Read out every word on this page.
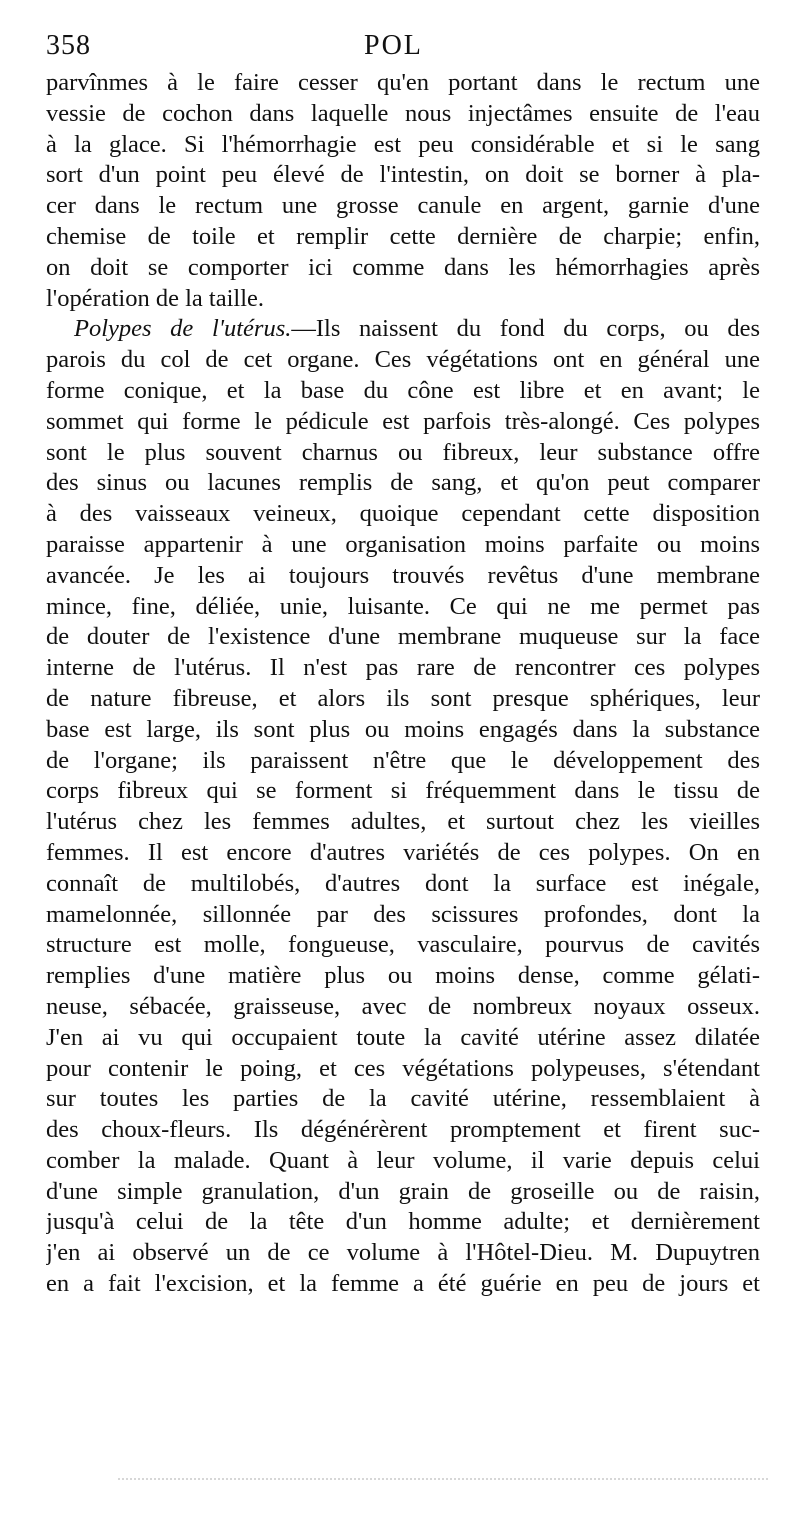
358	POL
parvînmes à le faire cesser qu'en portant dans le rectum une
vessie de cochon dans laquelle nous injectâmes ensuite de l'eau
à la glace. Si l'hémorrhagie est peu considérable et si le sang
sort d'un point peu élevé de l'intestin, on doit se borner à pla-
cer dans le rectum une grosse canule en argent, garnie d'une
chemise de toile et remplir cette dernière de charpie; enfin,
on doit se comporter ici comme dans les hémorrhagies après
l'opération de la taille.
Polypes de l'utérus.—Ils naissent du fond du corps, ou des
parois du col de cet organe. Ces végétations ont en général une
forme conique, et la base du cône est libre et en avant; le
sommet qui forme le pédicule est parfois très-alongé. Ces polypes
sont le plus souvent charnus ou fibreux, leur substance offre
des sinus ou lacunes remplis de sang, et qu'on peut comparer
à des vaisseaux veineux, quoique cependant cette disposition
paraisse appartenir à une organisation moins parfaite ou moins
avancée. Je les ai toujours trouvés revêtus d'une membrane
mince, fine, déliée, unie, luisante. Ce qui ne me permet pas
de douter de l'existence d'une membrane muqueuse sur la face
interne de l'utérus. Il n'est pas rare de rencontrer ces polypes
de nature fibreuse, et alors ils sont presque sphériques, leur
base est large, ils sont plus ou moins engagés dans la substance
de l'organe; ils paraissent n'être que le développement des
corps fibreux qui se forment si fréquemment dans le tissu de
l'utérus chez les femmes adultes, et surtout chez les vieilles
femmes. Il est encore d'autres variétés de ces polypes. On en
connaît de multilobés, d'autres dont la surface est inégale,
mamelonnée, sillonnée par des scissures profondes, dont la
structure est molle, fongueuse, vasculaire, pourvus de cavités
remplies d'une matière plus ou moins dense, comme gélati-
neuse, sébacée, graisseuse, avec de nombreux noyaux osseux.
J'en ai vu qui occupaient toute la cavité utérine assez dilatée
pour contenir le poing, et ces végétations polypeuses, s'étendant
sur toutes les parties de la cavité utérine, ressemblaient à
des choux-fleurs. Ils dégénérèrent promptement et firent suc-
comber la malade. Quant à leur volume, il varie depuis celui
d'une simple granulation, d'un grain de groseille ou de raisin,
jusqu'à celui de la tête d'un homme adulte; et dernièrement
j'en ai observé un de ce volume à l'Hôtel-Dieu. M. Dupuytren
en a fait l'excision, et la femme a été guérie en peu de jours et
